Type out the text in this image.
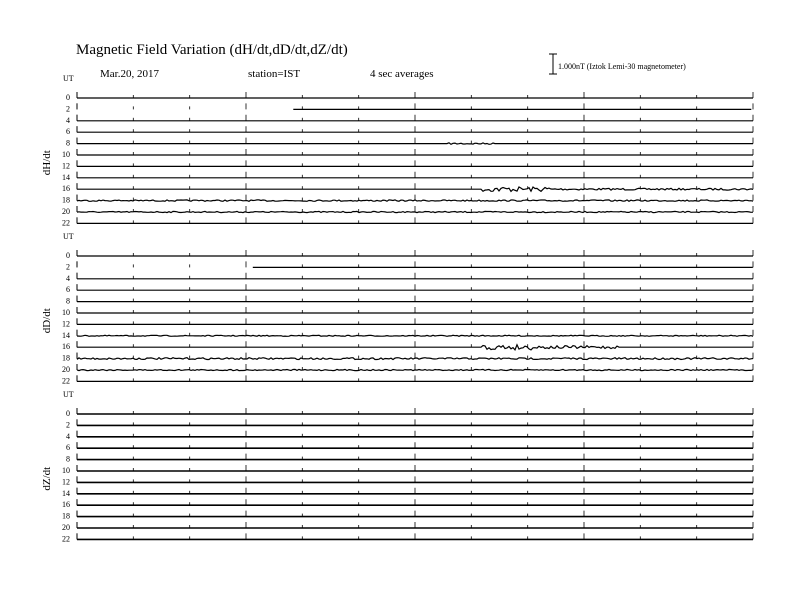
Magnetic Field Variation (dH/dt,dD/dt,dZ/dt)
Mar.20, 2017	station=IST	4 sec averages
1.000nT (Iztok Lemi-30 magnetometer)
UT
dH/dt
0
2
4
6
8
10
12
14
16
18
20
22
UT
dD/dt
0
2
4
6
8
10
12
14
16
18
20
22
UT
dZ/dt
0
2
4
6
8
10
12
14
16
18
20
22
